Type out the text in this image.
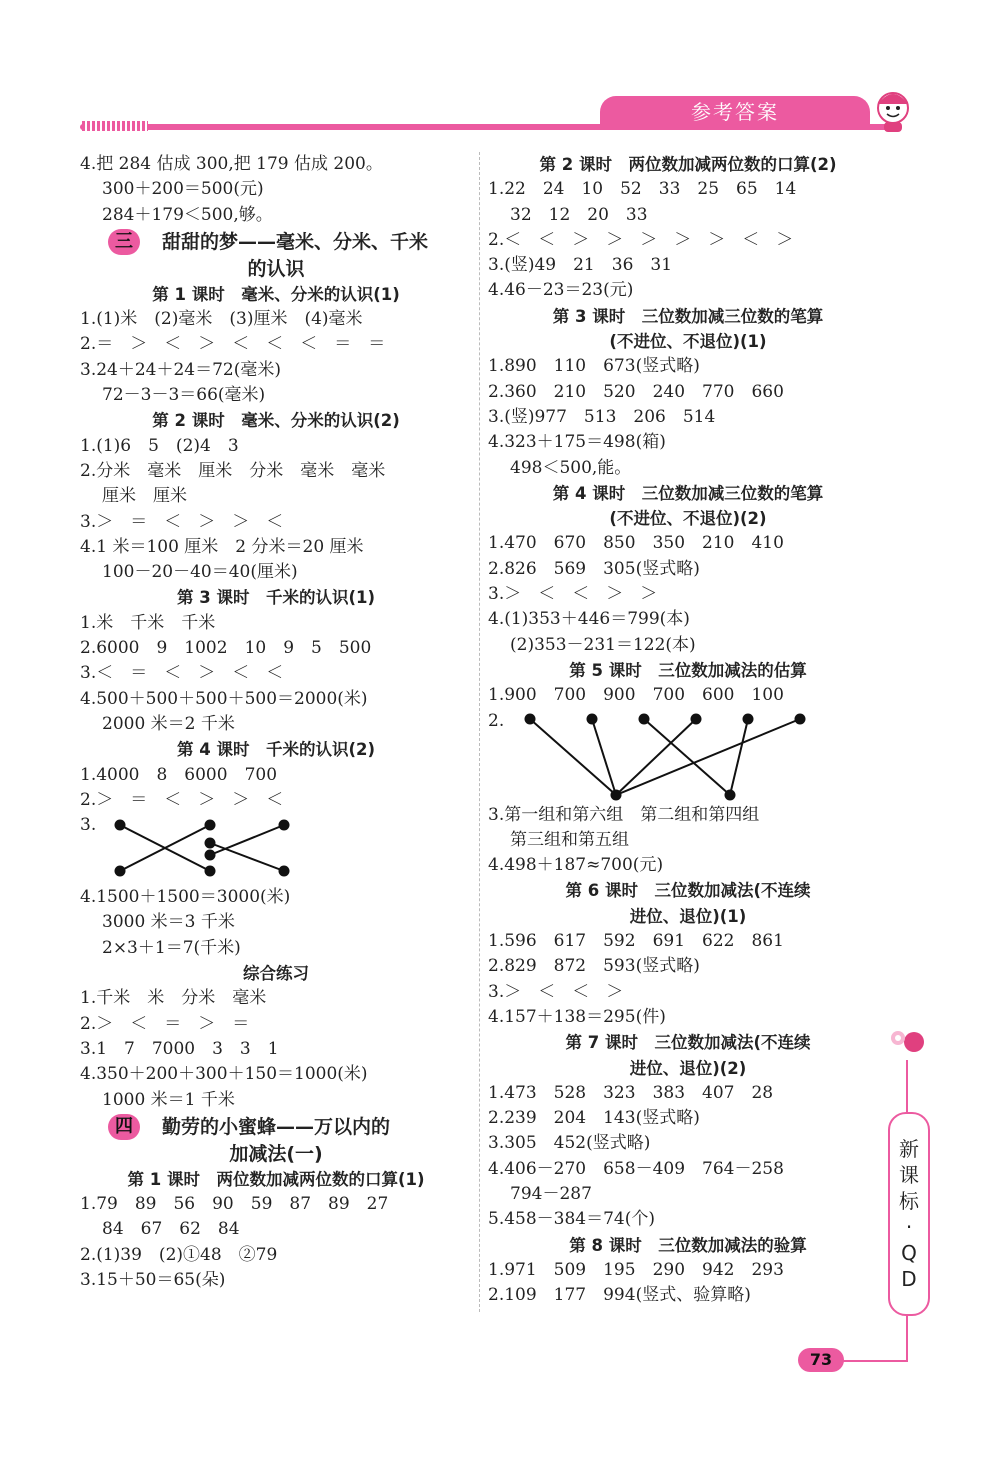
参考答案
4.把 284 估成 300,把 179 估成 200。
300＋200＝500(元)
284＋179＜500,够。
三	甜甜的梦——毫米、分米、千米
的认识
第 1 课时　毫米、分米的认识(1)
1.(1)米　(2)毫米　(3)厘米　(4)毫米
2.＝　＞　＜　＞　＜　＜　＜　＝　＝
3.24＋24＋24＝72(毫米)
72－3－3＝66(毫米)
第 2 课时　毫米、分米的认识(2)
1.(1)6　5　(2)4　3
2.分米　毫米　厘米　分米　毫米　毫米
厘米　厘米
3.＞　＝　＜　＞　＞　＜
4.1 米＝100 厘米　2 分米＝20 厘米
100－20－40＝40(厘米)
第 3 课时　千米的认识(1)
1.米　千米　千米
2.6000　9　1002　10　9　5　500
3.＜　＝　＜　＞　＜　＜
4.500＋500＋500＋500＝2000(米)
2000 米＝2 千米
第 4 课时　千米的认识(2)
1.4000　8　6000　700
2.＞　＝　＜　＞　＞　＜
3.
4.1500＋1500＝3000(米)
3000 米＝3 千米
2×3＋1＝7(千米)
综合练习
1.千米　米　分米　毫米
2.＞　＜　＝　＞　＝
3.1　7　7000　3　3　1
4.350＋200＋300＋150＝1000(米)
1000 米＝1 千米
四	勤劳的小蜜蜂——万以内的
加减法(一)
第 1 课时　两位数加减两位数的口算(1)
1.79　89　56　90　59　87　89　27
84　67　62　84
2.(1)39　(2)①48　②79
3.15＋50＝65(朵)
第 2 课时　两位数加减两位数的口算(2)
1.22　24　10　52　33　25　65　14
32　12　20　33
2.＜　＜　＞　＞　＞　＞　＞　＜　＞
3.(竖)49　21　36　31
4.46－23＝23(元)
第 3 课时　三位数加减三位数的笔算
(不进位、不退位)(1)
1.890　110　673(竖式略)
2.360　210　520　240　770　660
3.(竖)977　513　206　514
4.323＋175＝498(箱)
498＜500,能。
第 4 课时　三位数加减三位数的笔算
(不进位、不退位)(2)
1.470　670　850　350　210　410
2.826　569　305(竖式略)
3.＞　＜　＜　＞　＞
4.(1)353＋446＝799(本)
(2)353－231＝122(本)
第 5 课时　三位数加减法的估算
1.900　700　900　700　600　100
2.
3.第一组和第六组　第二组和第四组
第三组和第五组
4.498＋187≈700(元)
第 6 课时　三位数加减法(不连续
进位、退位)(1)
1.596　617　592　691　622　861
2.829　872　593(竖式略)
3.＞　＜　＜　＞
4.157＋138＝295(件)
第 7 课时　三位数加减法(不连续
进位、退位)(2)
1.473　528　323　383　407　28
2.239　204　143(竖式略)
3.305　452(竖式略)
4.406－270　658－409　764－258
794－287
5.458－384＝74(个)
第 8 课时　三位数加减法的验算
1.971　509　195　290　942　293
2.109　177　994(竖式、验算略)
新
课
标
·
Q
D
73
